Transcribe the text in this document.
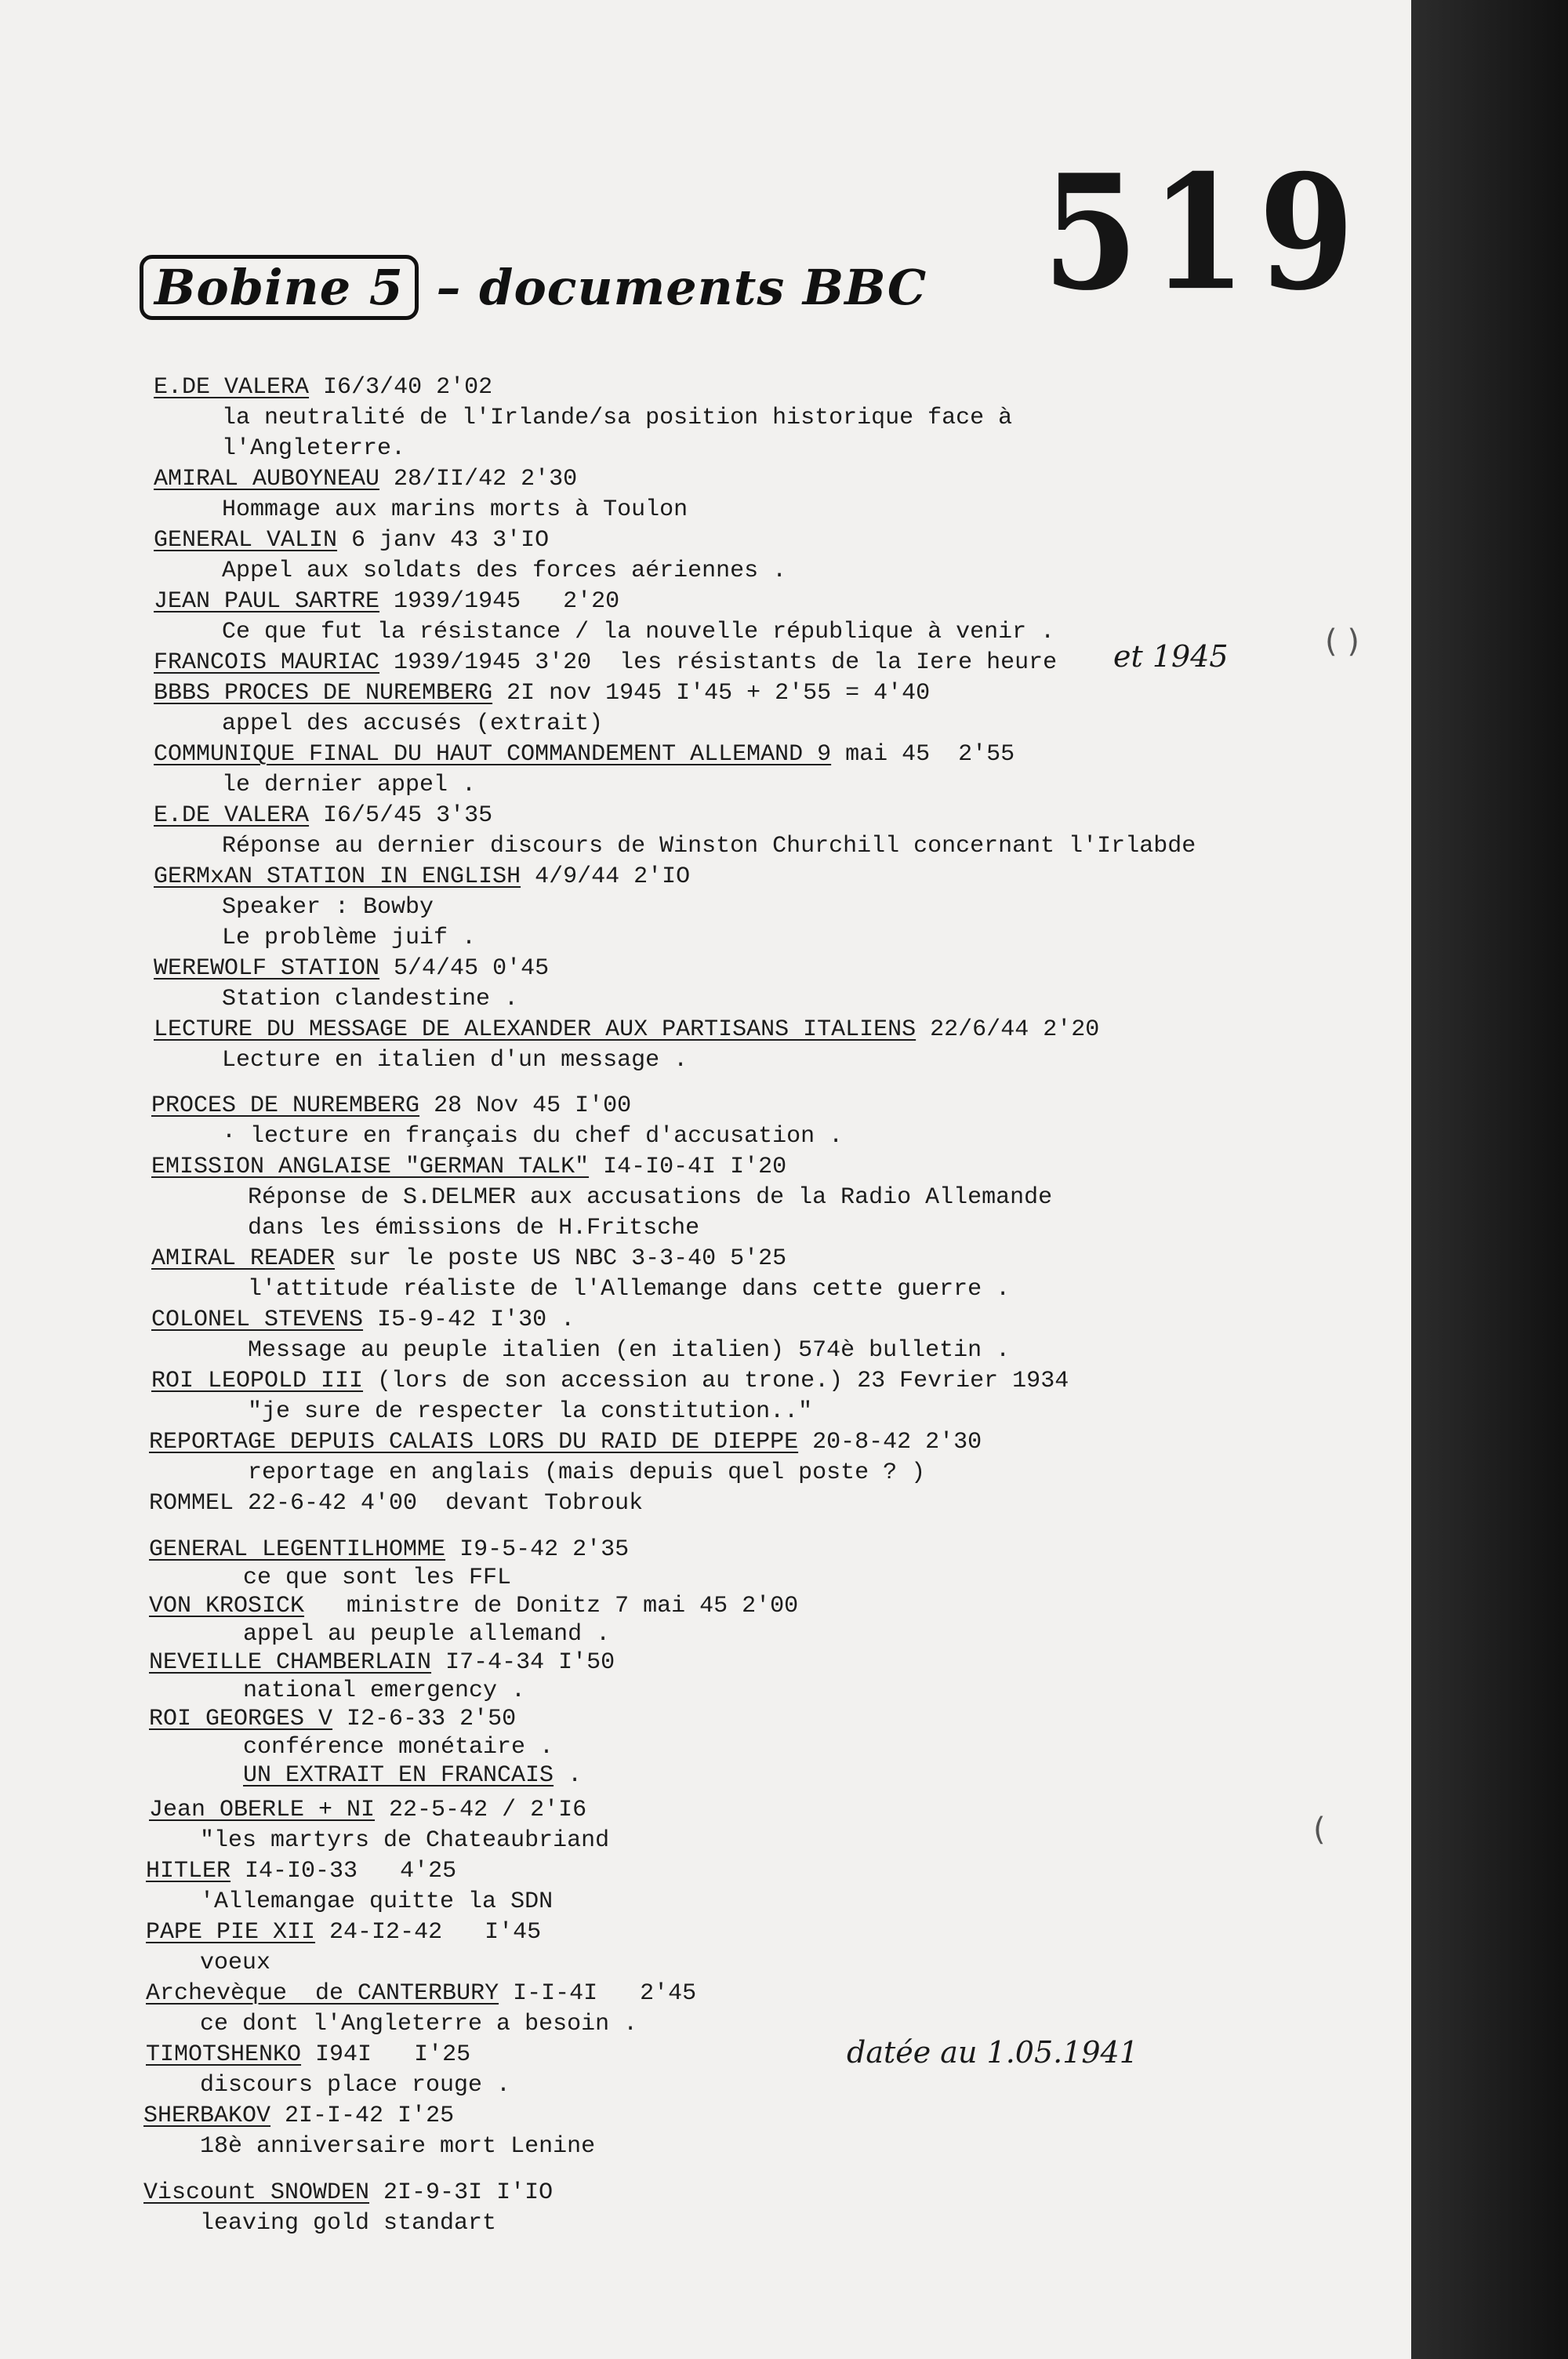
519
Bobine 5 – documents BBC
E.DE VALERA I6/3/40 2'02
la neutralité de l'Irlande/sa position historique face à
l'Angleterre.
AMIRAL AUBOYNEAU 28/II/42 2'30
Hommage aux marins morts à Toulon
GENERAL VALIN 6 janv 43 3'IO
Appel aux soldats des forces aériennes .
JEAN PAUL SARTRE 1939/1945   2'20
Ce que fut la résistance / la nouvelle république à venir .
FRANCOIS MAURIAC 1939/1945 3'20  les résistants de la Iere heure
BBBS PROCES DE NUREMBERG 2I nov 1945 I'45 + 2'55 = 4'40
appel des accusés (extrait)
COMMUNIQUE FINAL DU HAUT COMMANDEMENT ALLEMAND 9 mai 45  2'55
le dernier appel .
E.DE VALERA I6/5/45 3'35
Réponse au dernier discours de Winston Churchill concernant l'Irlabde
GERMxAN STATION IN ENGLISH 4/9/44 2'IO
Speaker : Bowby
Le problème juif .
WEREWOLF STATION 5/4/45 0'45
Station clandestine .
LECTURE DU MESSAGE DE ALEXANDER AUX PARTISANS ITALIENS 22/6/44 2'20
Lecture en italien d'un message .
PROCES DE NUREMBERG 28 Nov 45 I'00
· lecture en français du chef d'accusation .
EMISSION ANGLAISE "GERMAN TALK" I4-I0-4I I'20
Réponse de S.DELMER aux accusations de la Radio Allemande
dans les émissions de H.Fritsche
AMIRAL READER sur le poste US NBC 3-3-40 5'25
l'attitude réaliste de l'Allemange dans cette guerre .
COLONEL STEVENS I5-9-42 I'30 .
Message au peuple italien (en italien) 574è bulletin .
ROI LEOPOLD III (lors de son accession au trone.) 23 Fevrier 1934
"je sure de respecter la constitution.."
REPORTAGE DEPUIS CALAIS LORS DU RAID DE DIEPPE 20-8-42 2'30
reportage en anglais (mais depuis quel poste ? )
ROMMEL 22-6-42 4'00  devant Tobrouk
GENERAL LEGENTILHOMME I9-5-42 2'35
ce que sont les FFL
VON KROSICK   ministre de Donitz 7 mai 45 2'00
appel au peuple allemand .
NEVEILLE CHAMBERLAIN I7-4-34 I'50
national emergency .
ROI GEORGES V I2-6-33 2'50
conférence monétaire .
UN EXTRAIT EN FRANCAIS .
Jean OBERLE + NI 22-5-42 / 2'I6
"les martyrs de Chateaubriand
HITLER I4-I0-33   4'25
'Allemangae quitte la SDN
PAPE PIE XII 24-I2-42   I'45
voeux
Archevèque  de CANTERBURY I-I-4I   2'45
ce dont l'Angleterre a besoin .
TIMOTSHENKO I94I   I'25
discours place rouge .
SHERBAKOV 2I-I-42 I'25
18è anniversaire mort Lenine
Viscount SNOWDEN 2I-9-3I I'IO
leaving gold standart
et 1945
datée au 1.05.1941
(
( )
